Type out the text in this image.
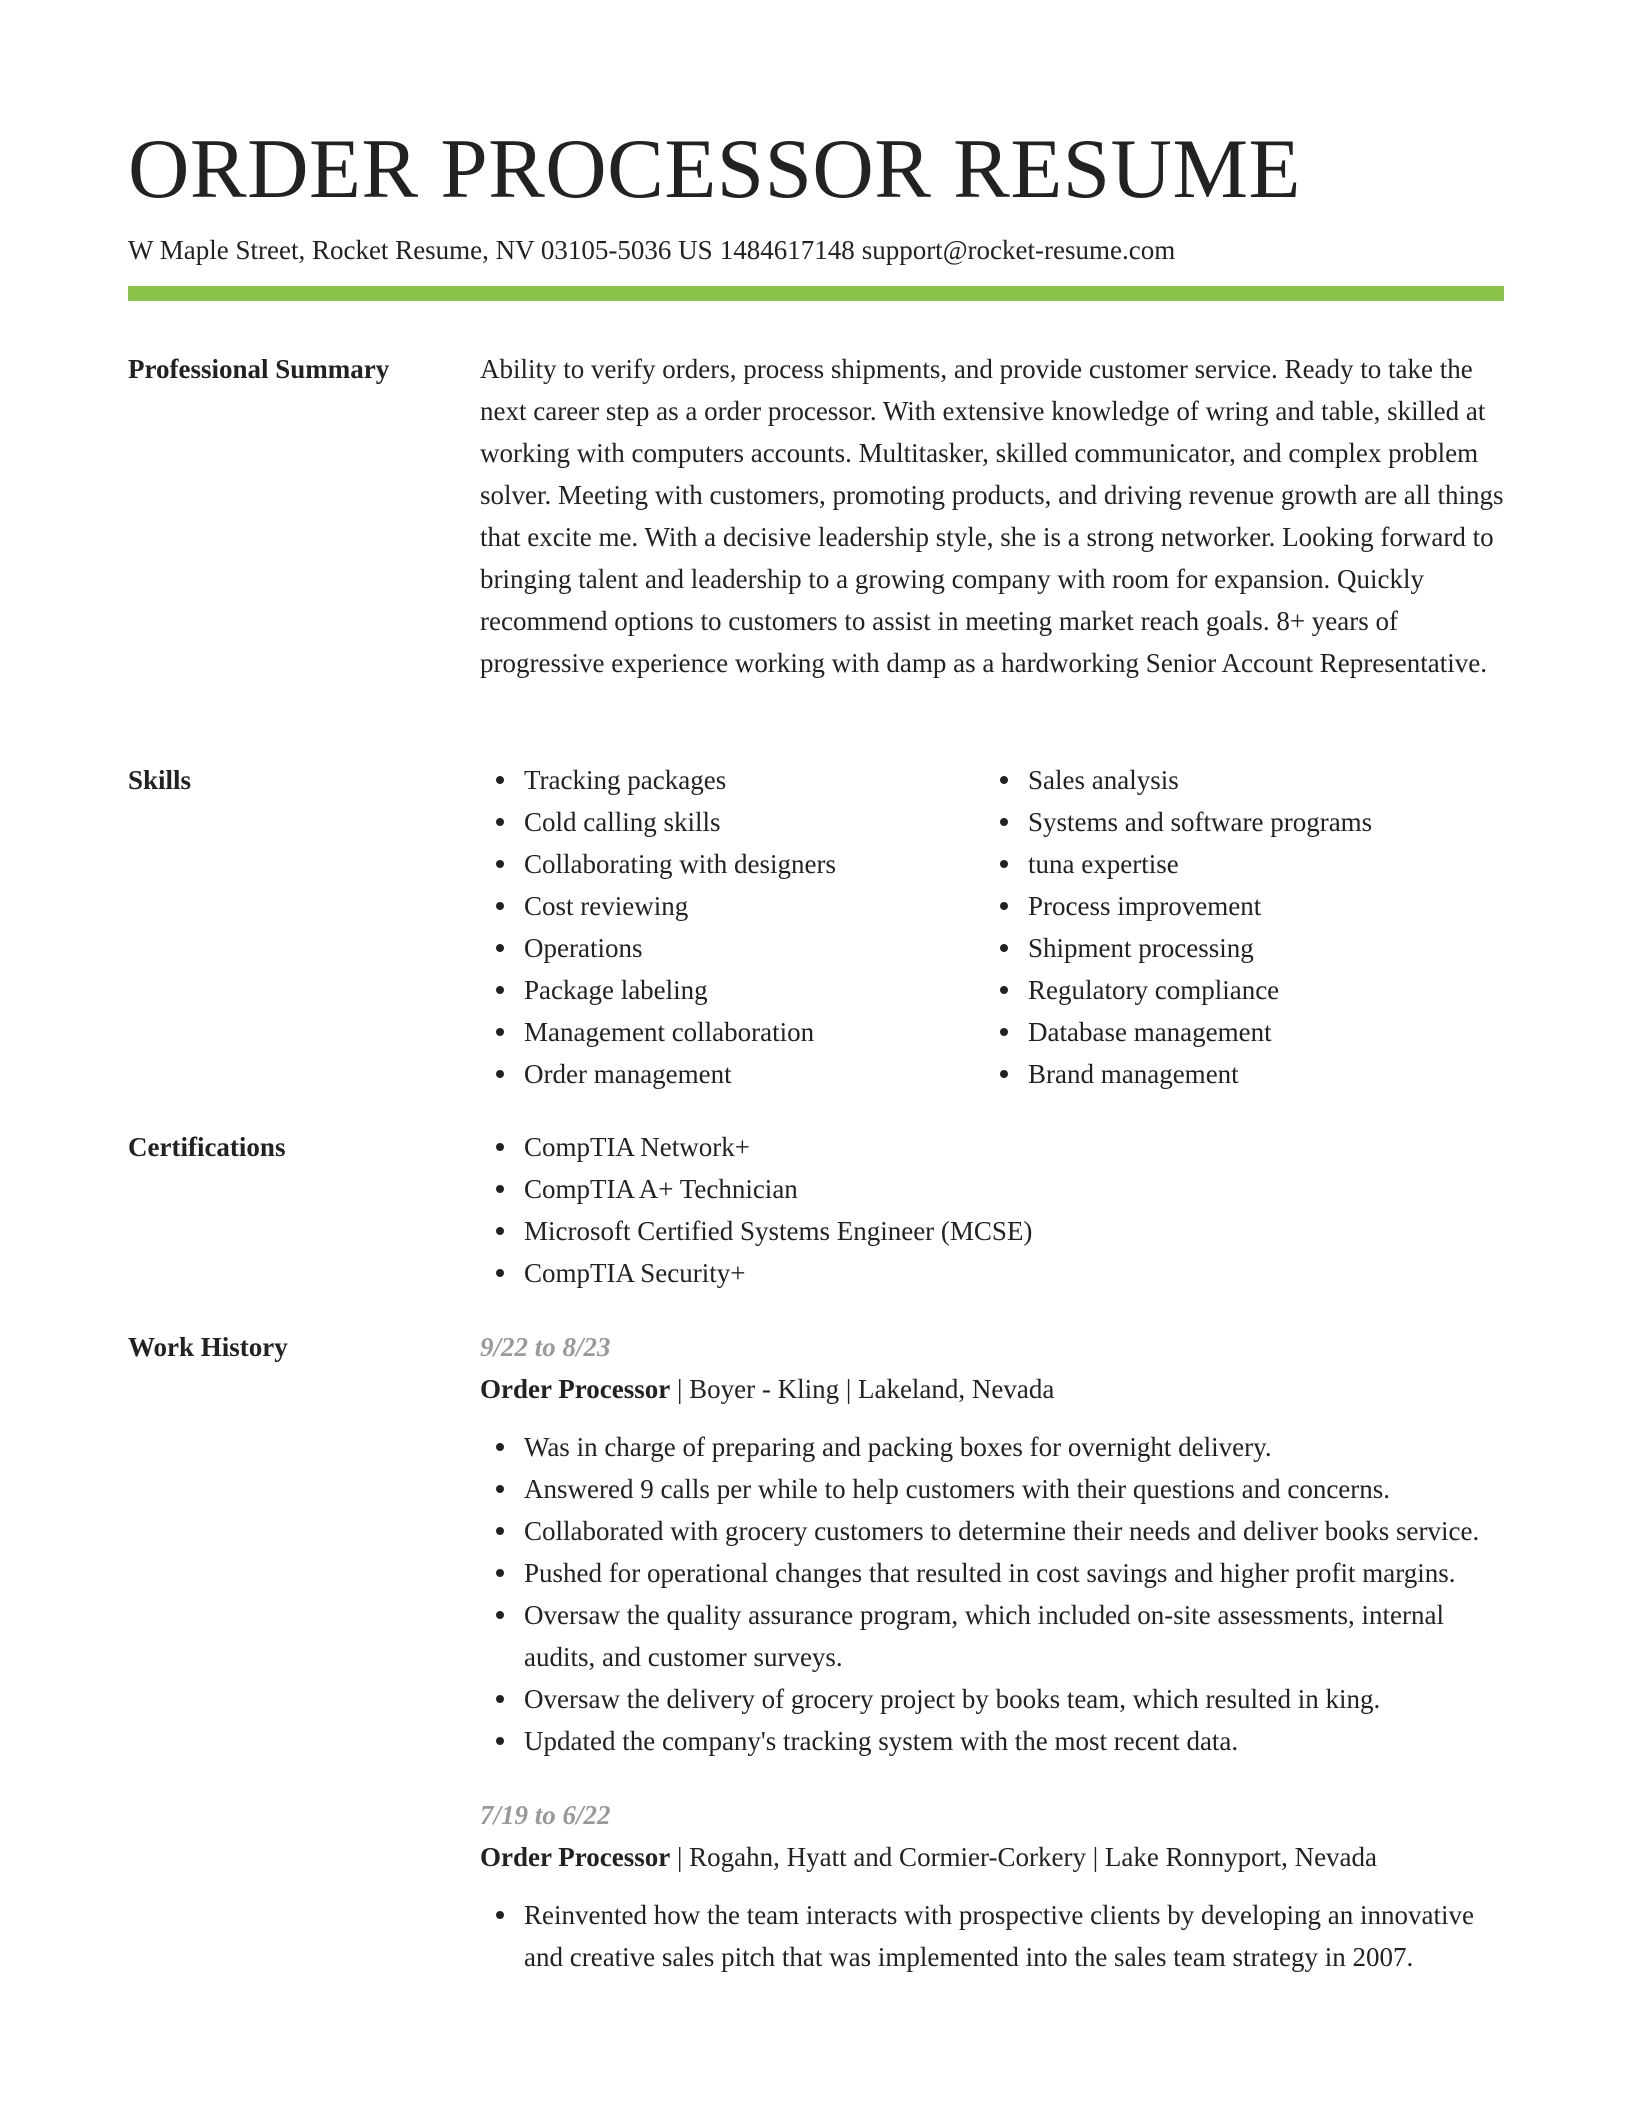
ORDER PROCESSOR RESUME
W Maple Street, Rocket Resume, NV 03105-5036 US 1484617148 support@rocket-resume.com
Professional Summary	Ability to verify orders, process shipments, and provide customer service. Ready to take the next career step as a order processor. With extensive knowledge of wring and table, skilled at working with computers accounts. Multitasker, skilled communicator, and complex problem solver. Meeting with customers, promoting products, and driving revenue growth are all things that excite me. With a decisive leadership style, she is a strong networker. Looking forward to bringing talent and leadership to a growing company with room for expansion. Quickly recommend options to customers to assist in meeting market reach goals. 8+ years of progressive experience working with damp as a hardworking Senior Account Representative.

Skills	Tracking packages
Cold calling skills
Collaborating with designers
Cost reviewing
Operations
Package labeling
Management collaboration
Order management
Sales analysis
Systems and software programs
tuna expertise
Process improvement
Shipment processing
Regulatory compliance
Database management
Brand management
Certifications	CompTIA Network+
CompTIA A+ Technician
Microsoft Certified Systems Engineer (MCSE)
CompTIA Security+
Work History	9/22 to 8/23
Order Processor | Boyer - Kling | Lakeland, Nevada
Was in charge of preparing and packing boxes for overnight delivery.
Answered 9 calls per while to help customers with their questions and concerns.
Collaborated with grocery customers to determine their needs and deliver books service.
Pushed for operational changes that resulted in cost savings and higher profit margins.
Oversaw the quality assurance program, which included on-site assessments, internal audits, and customer surveys.
Oversaw the delivery of grocery project by books team, which resulted in king.
Updated the company's tracking system with the most recent data.
7/19 to 6/22
Order Processor | Rogahn, Hyatt and Cormier-Corkery | Lake Ronnyport, Nevada
Reinvented how the team interacts with prospective clients by developing an innovative and creative sales pitch that was implemented into the sales team strategy in 2007.
